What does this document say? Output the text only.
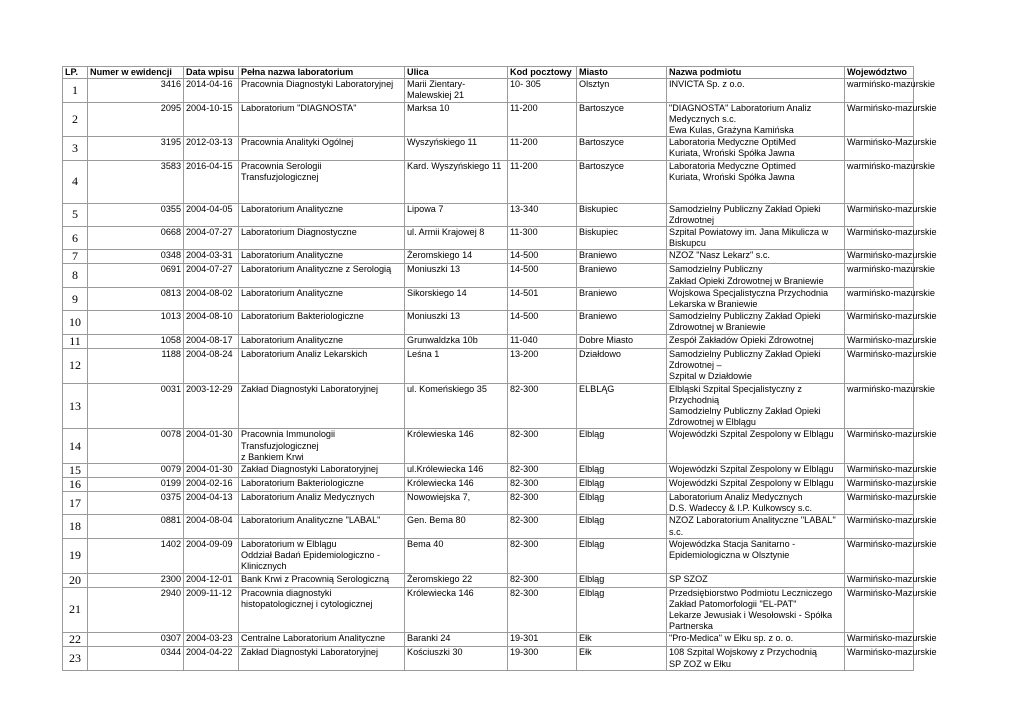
LP.	Numer w ewidencji	Data wpisu	Pełna nazwa laboratorium	Ulica	Kod pocztowy	Miasto	Nazwa podmiotu	Województwo
1	3416	2014-04-16	Pracownia Diagnostyki Laboratoryjnej	Marii Zientary-
Malewskiej 21	10- 305	Olsztyn	INVICTA Sp. z o.o.	warmińsko-mazurskie
2	2095	2004-10-15	Laboratorium "DIAGNOSTA"	Marksa 10	11-200	Bartoszyce	"DIAGNOSTA" Laboratorium Analiz
Medycznych s.c.
Ewa Kulas, Grażyna Kamińska	Warmińsko-mazurskie
3	3195	2012-03-13	Pracownia Analityki Ogólnej	Wyszyńskiego 11	11-200	Bartoszyce	Laboratoria Medyczne OptiMed
Kuriata, Wroński Spółka Jawna	Warmińsko-Mazurskie
4	3583	2016-04-15	Pracownia Serologii
Transfuzjologicznej	Kard. Wyszyńskiego 11	11-200	Bartoszyce	Laboratoria Medyczne Optimed
Kuriata, Wroński Spółka Jawna	warmińsko-mazurskie
5	0355	2004-04-05	Laboratorium Analityczne	Lipowa 7	13-340	Biskupiec	Samodzielny Publiczny Zakład Opieki
Zdrowotnej	Warmińsko-mazurskie
6	0668	2004-07-27	Laboratorium Diagnostyczne	ul. Armii Krajowej 8	11-300	Biskupiec	Szpital Powiatowy im. Jana Mikulicza w
Biskupcu	Warmińsko-mazurskie
7	0348	2004-03-31	Laboratorium Analityczne	Żeromskiego 14	14-500	Braniewo	NZOZ "Nasz Lekarz" s.c.	Warmińsko-mazurskie
8	0691	2004-07-27	Laboratorium Analityczne z Serologią	Moniuszki 13	14-500	Braniewo	Samodzielny Publiczny
Zakład Opieki Zdrowotnej w Braniewie	warmińsko-mazurskie
9	0813	2004-08-02	Laboratorium Analityczne	Sikorskiego 14	14-501	Braniewo	Wojskowa Specjalistyczna Przychodnia
Lekarska w Braniewie	warmińsko-mazurskie
10	1013	2004-08-10	Laboratorium Bakteriologiczne	Moniuszki 13	14-500	Braniewo	Samodzielny Publiczny Zakład Opieki
Zdrowotnej w Braniewie	Warmińsko-mazurskie
11	1058	2004-08-17	Laboratorium Analityczne	Grunwaldzka 10b	11-040	Dobre Miasto	Zespół Zakładów Opieki Zdrowotnej	Warmińsko-mazurskie
12	1188	2004-08-24	Laboratorium Analiz Lekarskich	Leśna 1	13-200	Działdowo	Samodzielny Publiczny Zakład Opieki
Zdrowotnej –
Szpital w Działdowie	Warmińsko-mazurskie
13	0031	2003-12-29	Zakład Diagnostyki Laboratoryjnej	ul. Komeńskiego 35	82-300	ELBLĄG	Elbląski Szpital Specjalistyczny z
Przychodnią
Samodzielny Publiczny Zakład Opieki
Zdrowotnej w Elblągu	warmińsko-mazurskie
14	0078	2004-01-30	Pracownia Immunologii
Transfuzjologicznej
z Bankiem Krwi	Królewieska 146	82-300	Elbląg	Wojewódzki Szpital Zespolony w Elblągu	Warmińsko-mazurskie
15	0079	2004-01-30	Zakład Diagnostyki Laboratoryjnej	ul.Królewiecka 146	82-300	Elbląg	Wojewódzki Szpital Zespolony w Elblągu	Warmińsko-mazurskie
16	0199	2004-02-16	Laboratorium Bakteriologiczne	Królewiecka 146	82-300	Elbląg	Wojewódzki Szpital Zespolony w Elblągu	Warmińsko-mazurskie
17	0375	2004-04-13	Laboratorium Analiz Medycznych	Nowowiejska 7,	82-300	Elbląg	Laboratorium Analiz Medycznych
D.S. Wadeccy & I.P. Kulkowscy s.c.	Warmińsko-mazurskie
18	0881	2004-08-04	Laboratorium Analityczne "LABAL"	Gen. Bema 80	82-300	Elbląg	NZOZ Laboratorium Analityczne "LABAL"
s.c.	Warmińsko-mazurskie
19	1402	2004-09-09	Laboratorium w Elblągu
Oddział Badań Epidemiologiczno -
Klinicznych	Bema 40	82-300	Elbląg	Wojewódzka Stacja Sanitarno -
Epidemiologiczna w Olsztynie	Warmińsko-mazurskie
20	2300	2004-12-01	Bank Krwi z Pracownią Serologiczną	Żeromskiego 22	82-300	Elbląg	SP SZOZ	Warmińsko-mazurskie
21	2940	2009-11-12	Pracownia diagnostyki
histopatologicznej i cytologicznej	Królewiecka 146	82-300	Elbląg	Przedsiębiorstwo Podmiotu Leczniczego
Zakład Patomorfologii "EL-PAT"
Lekarze Jewusiak i Wesołowski - Spółka
Partnerska	Warmińsko-Mazurskie
22	0307	2004-03-23	Centralne Laboratorium Analityczne	Baranki 24	19-301	Ełk	"Pro-Medica" w Ełku sp. z o. o.	Warmińsko-mazurskie
23	0344	2004-04-22	Zakład Diagnostyki Laboratoryjnej	Kościuszki 30	19-300	Ełk	108 Szpital Wojskowy z Przychodnią
SP ZOZ w Ełku	Warmińsko-mazurskie
